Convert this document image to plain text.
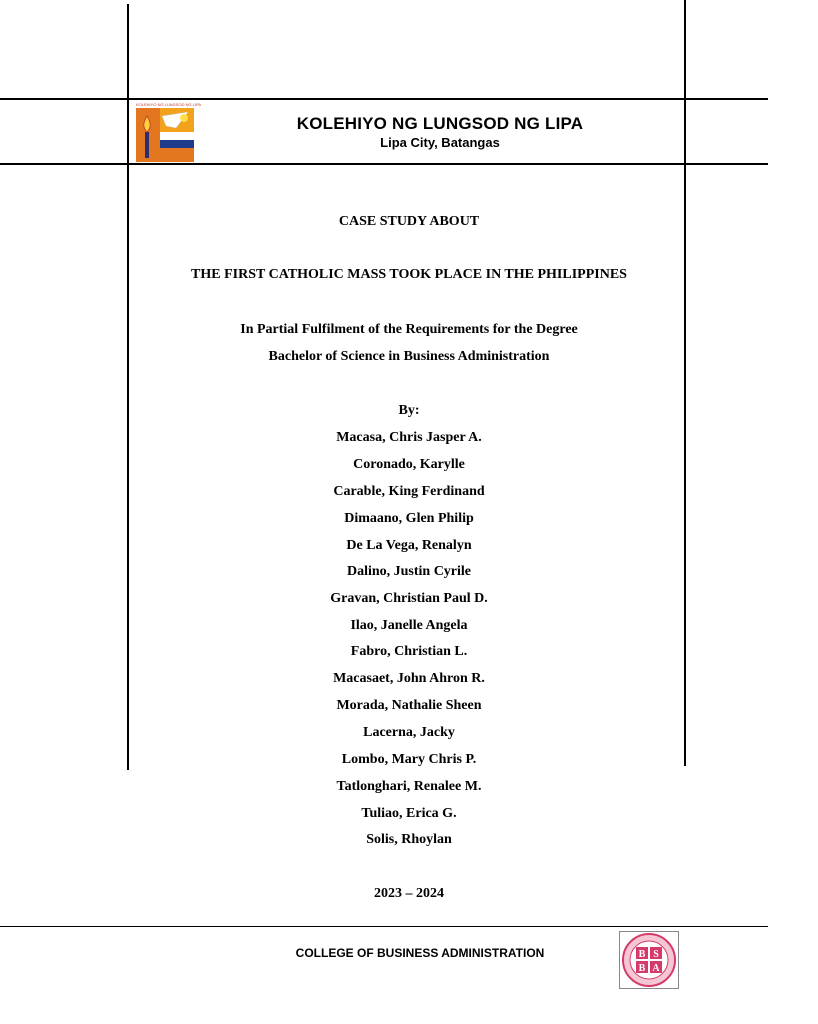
KOLEHIYO NG LUNGSOD NG LIPA
KOLEHIYO NG LUNGSOD NG LIPA
Lipa City, Batangas
CASE STUDY ABOUT
THE FIRST CATHOLIC MASS TOOK PLACE IN THE PHILIPPINES
In Partial Fulfilment of the Requirements for the Degree
Bachelor of Science in Business Administration
By:
Macasa, Chris Jasper A.
Coronado, Karylle
Carable, King Ferdinand
Dimaano, Glen Philip
De La Vega, Renalyn
Dalino, Justin Cyrile
Gravan, Christian Paul D.
Ilao, Janelle Angela
Fabro, Christian L.
Macasaet, John Ahron R.
Morada, Nathalie Sheen
Lacerna, Jacky
Lombo, Mary Chris P.
Tatlonghari, Renalee M.
Tuliao, Erica G.
Solis, Rhoylan
2023 – 2024
COLLEGE OF BUSINESS ADMINISTRATION	B S
B A
